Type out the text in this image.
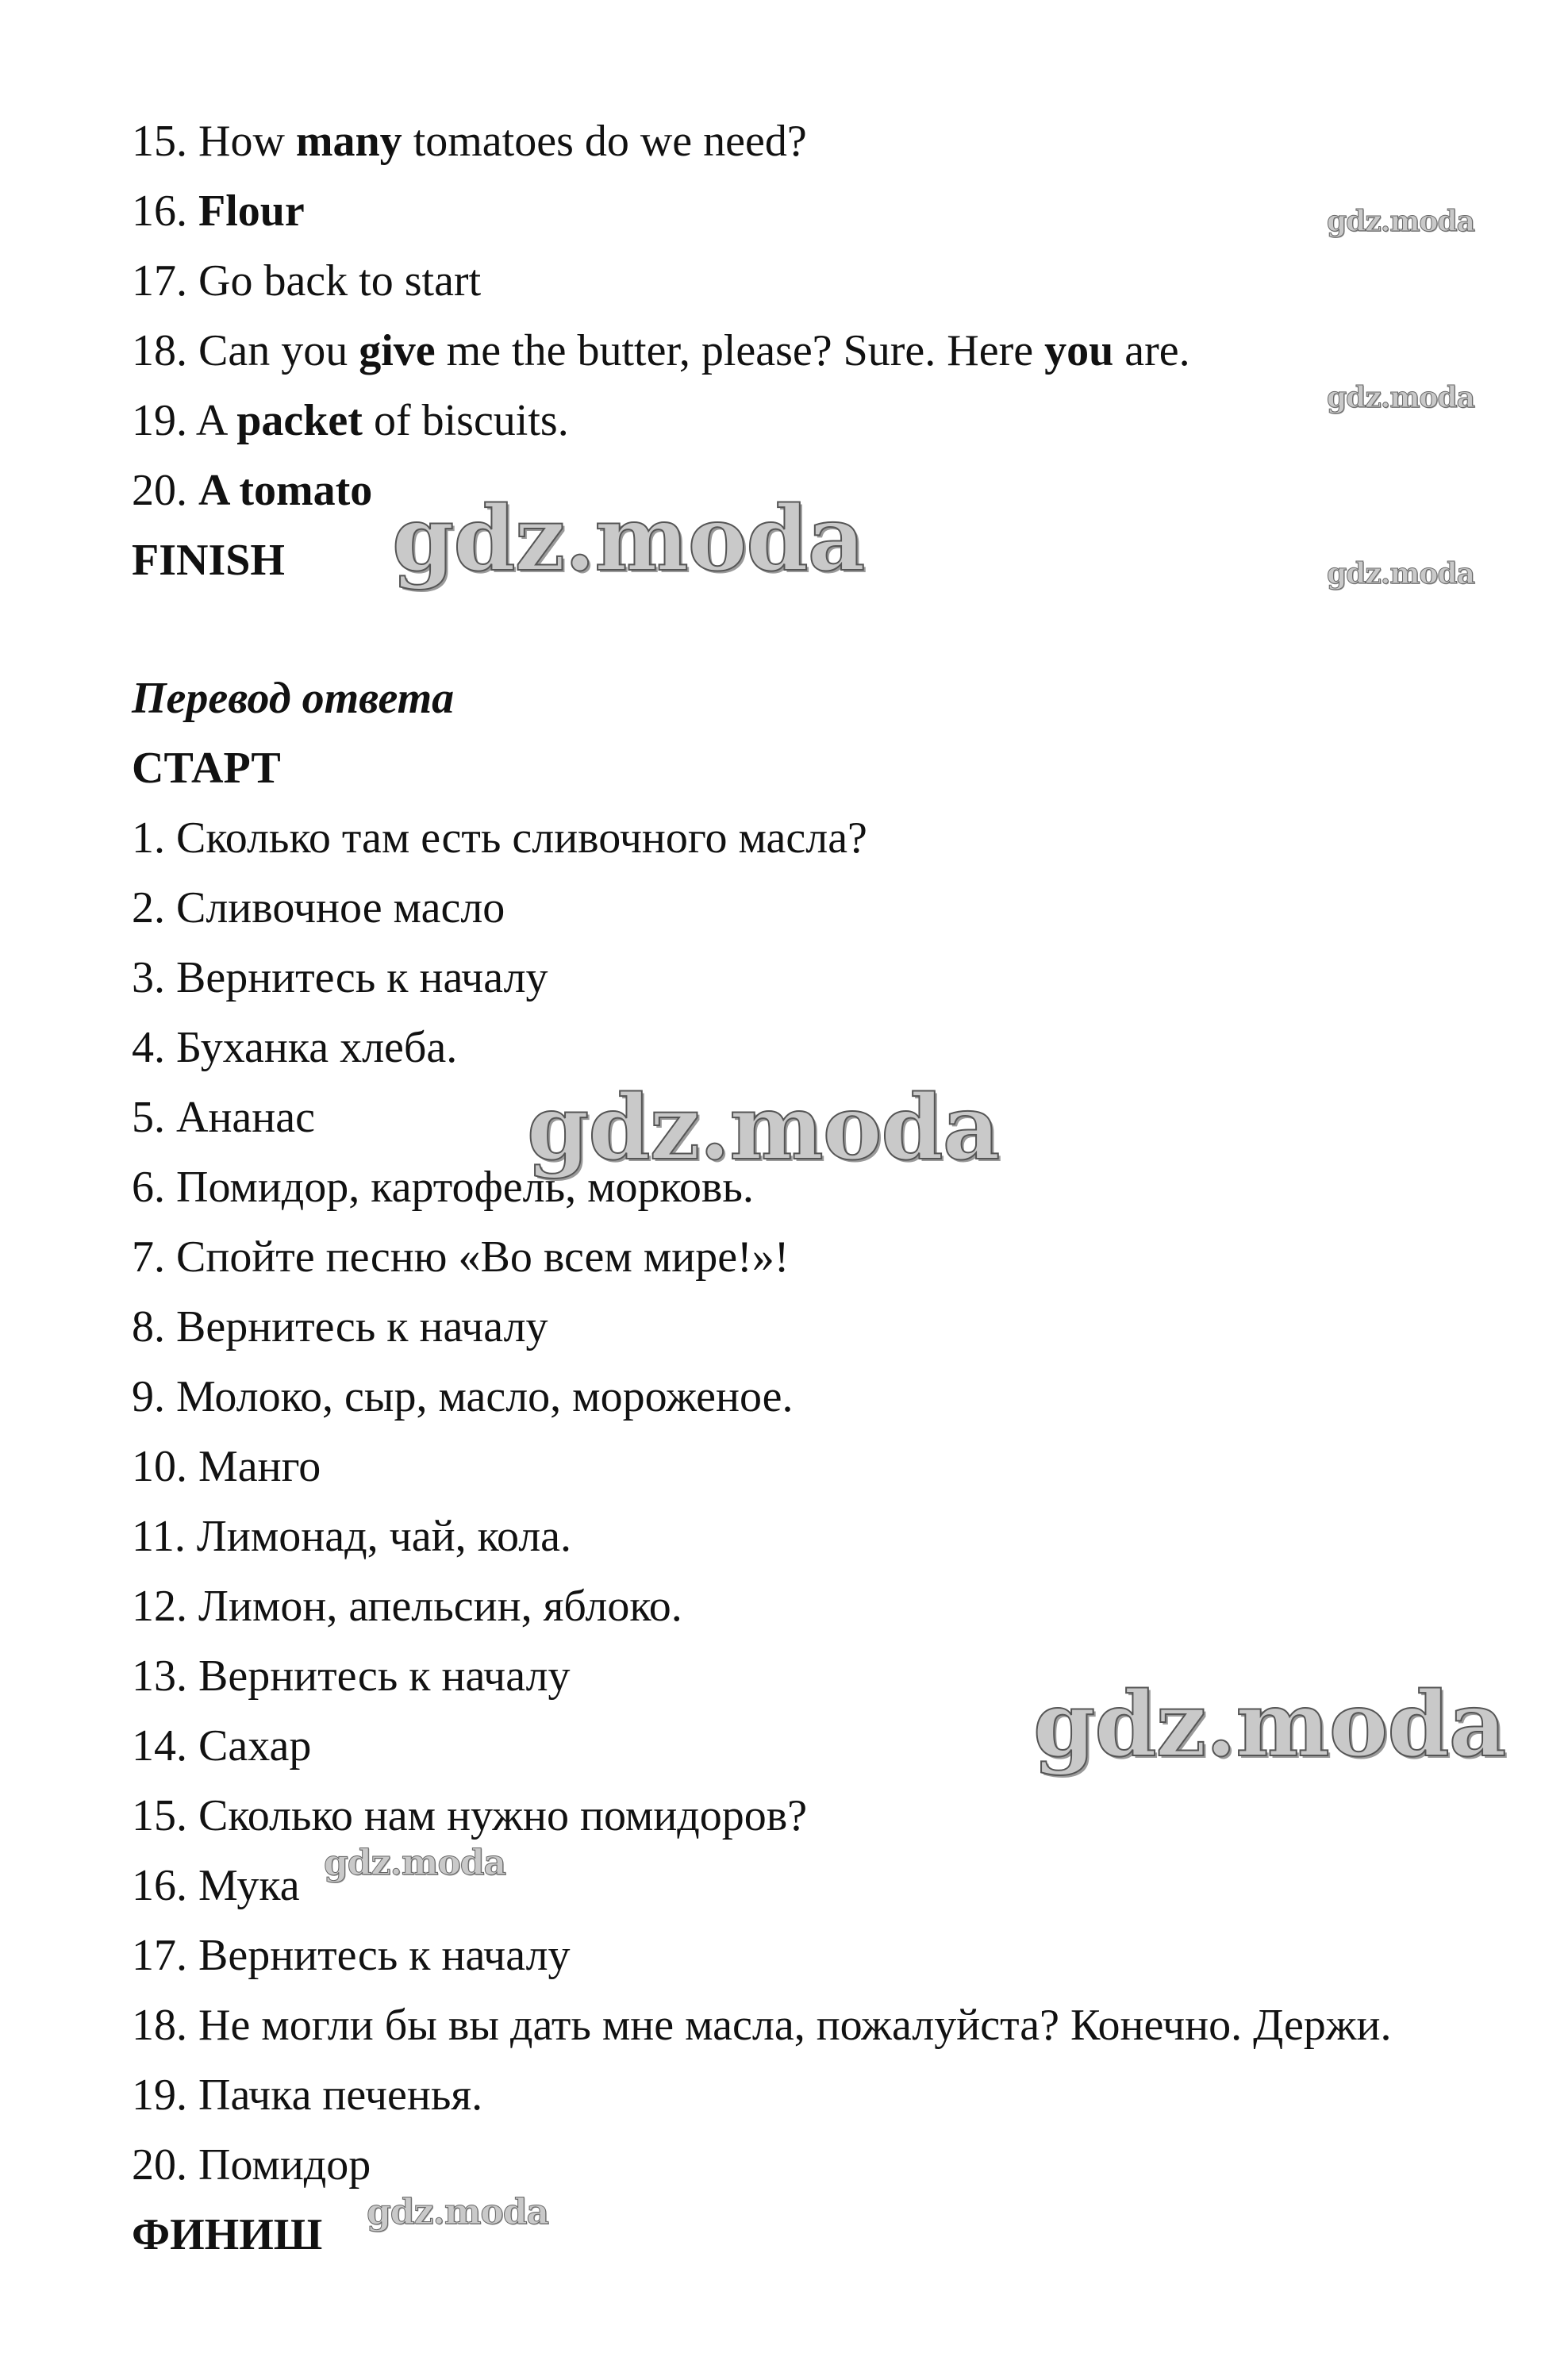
15. How many tomatoes do we need?
16. Flour
17. Go back to start
18. Can you give me the butter, please? Sure. Here you are.
19. A packet of biscuits.
20. A tomato
FINISH
Перевод ответа
СТАРТ
1. Сколько там есть сливочного масла?
2. Сливочное масло
3. Вернитесь к началу
4. Буханка хлеба.
5. Ананас
6. Помидор, картофель, морковь.
7. Спойте песню «Во всем мире!»!
8. Вернитесь к началу
9. Молоко, сыр, масло, мороженое.
10. Манго
11. Лимонад, чай, кола.
12. Лимон, апельсин, яблоко.
13. Вернитесь к началу
14. Сахар
15. Сколько нам нужно помидоров?
16. Мука
17. Вернитесь к началу
18. Не могли бы вы дать мне масла, пожалуйста? Конечно. Держи.
19. Пачка печенья.
20. Помидор
ФИНИШ
gdz.moda
gdz.moda
gdz.moda
gdz.moda
gdz.moda
gdz.moda
gdz.moda
gdz.moda
